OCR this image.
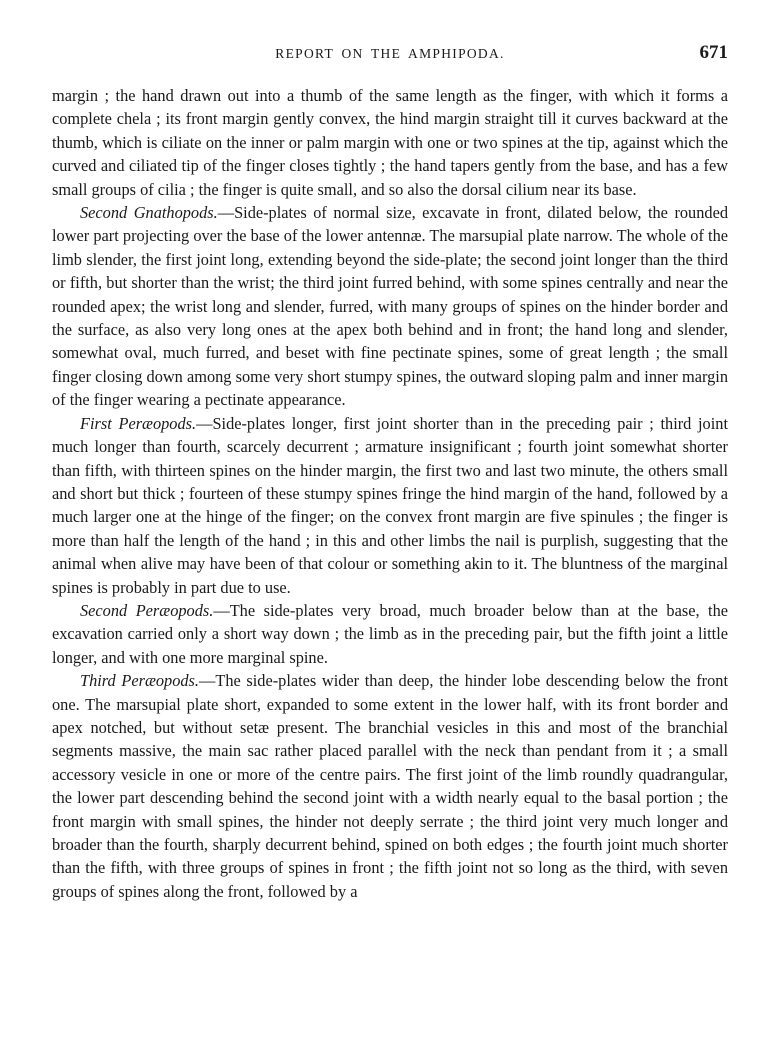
REPORT ON THE AMPHIPODA.	671

margin ; the hand drawn out into a thumb of the same length as the finger, with which it forms a complete chela ; its front margin gently convex, the hind margin straight till it curves backward at the thumb, which is ciliate on the inner or palm margin with one or two spines at the tip, against which the curved and ciliated tip of the finger closes tightly ; the hand tapers gently from the base, and has a few small groups of cilia ; the finger is quite small, and so also the dorsal cilium near its base.

Second Gnathopods.—Side-plates of normal size, excavate in front, dilated below, the rounded lower part projecting over the base of the lower antennæ. The marsupial plate narrow. The whole of the limb slender, the first joint long, extending beyond the side-plate; the second joint longer than the third or fifth, but shorter than the wrist; the third joint furred behind, with some spines centrally and near the rounded apex; the wrist long and slender, furred, with many groups of spines on the hinder border and the surface, as also very long ones at the apex both behind and in front; the hand long and slender, somewhat oval, much furred, and beset with fine pectinate spines, some of great length ; the small finger closing down among some very short stumpy spines, the outward sloping palm and inner margin of the finger wearing a pectinate appearance.

First Peræopods.—Side-plates longer, first joint shorter than in the preceding pair ; third joint much longer than fourth, scarcely decurrent ; armature insignificant ; fourth joint somewhat shorter than fifth, with thirteen spines on the hinder margin, the first two and last two minute, the others small and short but thick ; fourteen of these stumpy spines fringe the hind margin of the hand, followed by a much larger one at the hinge of the finger; on the convex front margin are five spinules ; the finger is more than half the length of the hand ; in this and other limbs the nail is purplish, suggesting that the animal when alive may have been of that colour or something akin to it. The bluntness of the marginal spines is probably in part due to use.

Second Peræopods.—The side-plates very broad, much broader below than at the base, the excavation carried only a short way down ; the limb as in the preceding pair, but the fifth joint a little longer, and with one more marginal spine.

Third Peræopods.—The side-plates wider than deep, the hinder lobe descending below the front one. The marsupial plate short, expanded to some extent in the lower half, with its front border and apex notched, but without setæ present. The branchial vesicles in this and most of the branchial segments massive, the main sac rather placed parallel with the neck than pendant from it ; a small accessory vesicle in one or more of the centre pairs. The first joint of the limb roundly quadrangular, the lower part descending behind the second joint with a width nearly equal to the basal portion ; the front margin with small spines, the hinder not deeply serrate ; the third joint very much longer and broader than the fourth, sharply decurrent behind, spined on both edges ; the fourth joint much shorter than the fifth, with three groups of spines in front ; the fifth joint not so long as the third, with seven groups of spines along the front, followed by a
